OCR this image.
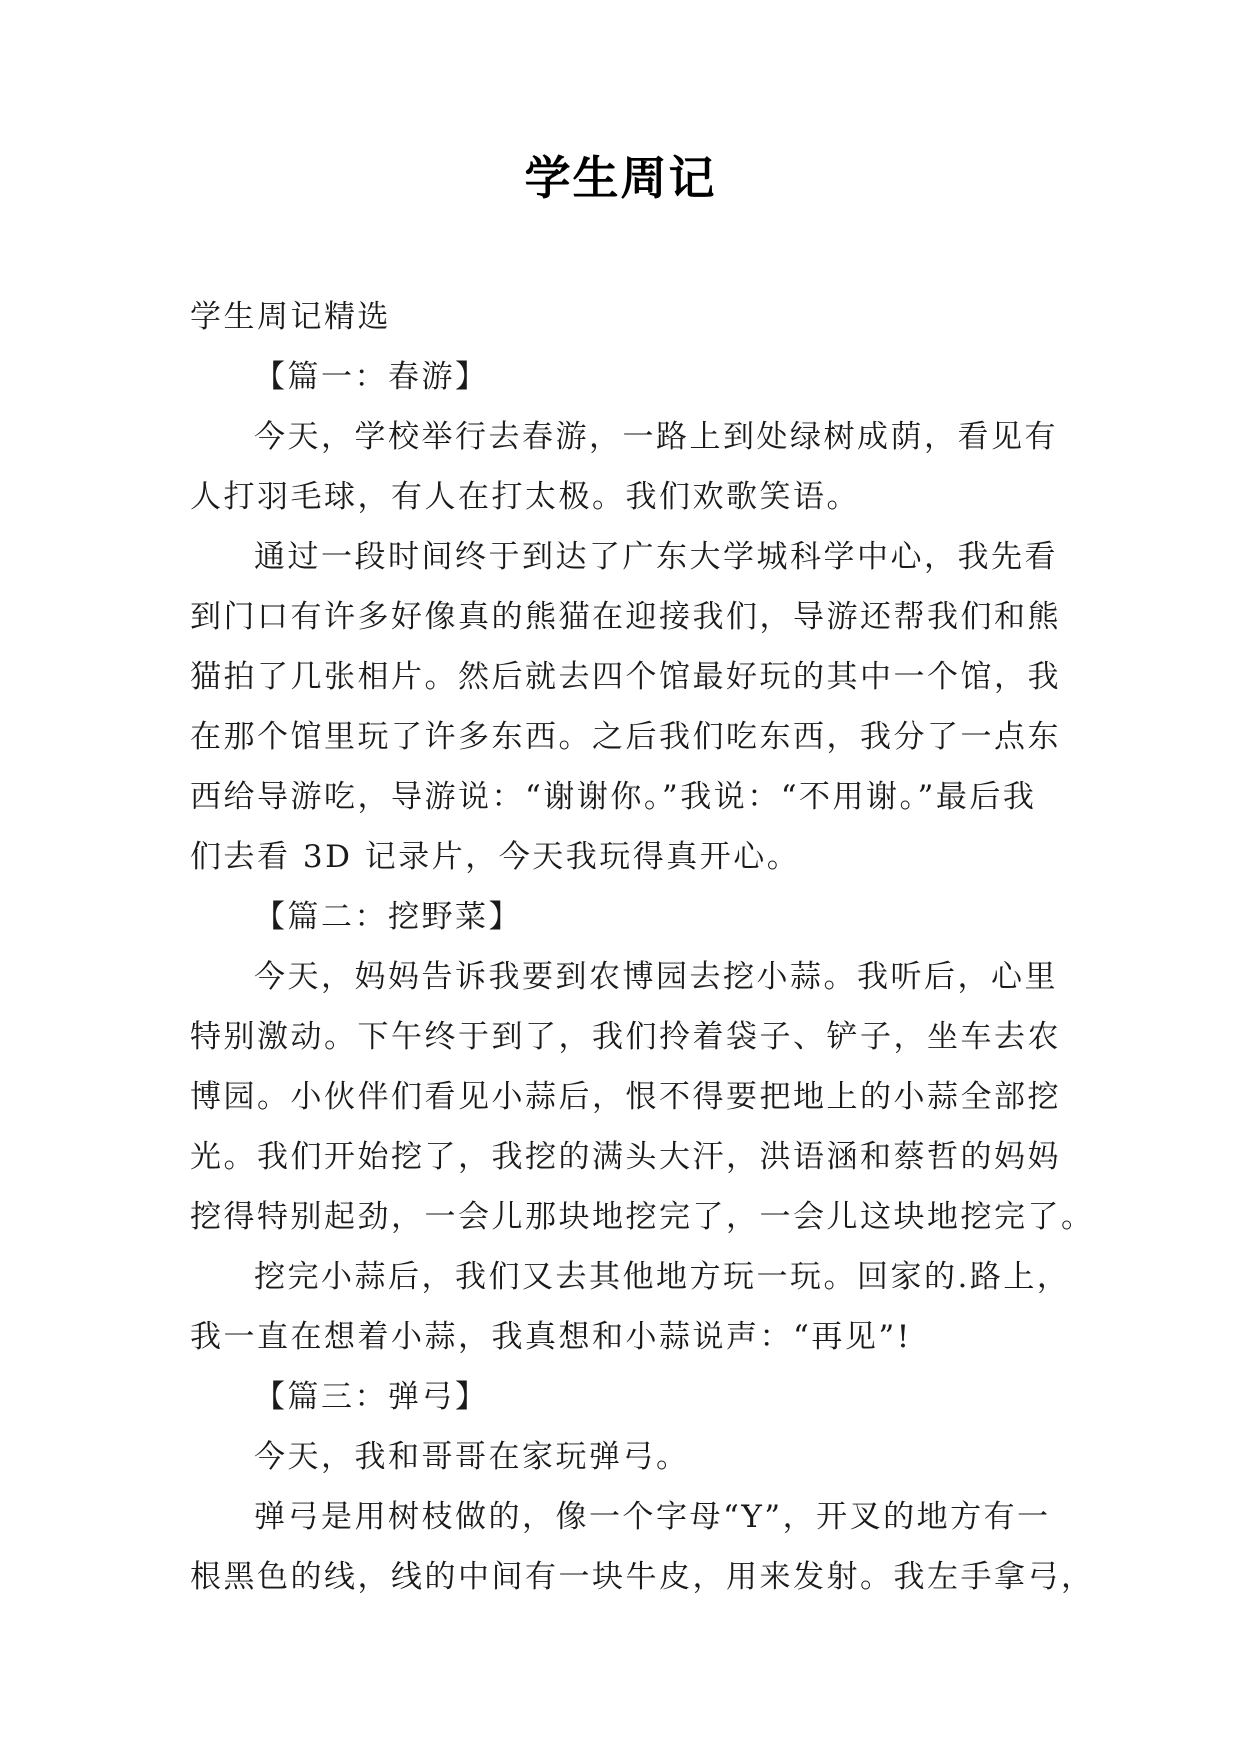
学生周记
学生周记精选
【篇一：春游】
今天，学校举行去春游，一路上到处绿树成荫，看见有
人打羽毛球，有人在打太极。我们欢歌笑语。
通过一段时间终于到达了广东大学城科学中心，我先看
到门口有许多好像真的熊猫在迎接我们，导游还帮我们和熊
猫拍了几张相片。然后就去四个馆最好玩的其中一个馆，我
在那个馆里玩了许多东西。之后我们吃东西，我分了一点东
西给导游吃，导游说：“谢谢你。”我说：“不用谢。”最后我
们去看 3D 记录片，今天我玩得真开心。
【篇二：挖野菜】
今天，妈妈告诉我要到农博园去挖小蒜。我听后，心里
特别激动。下午终于到了，我们拎着袋子、铲子，坐车去农
博园。小伙伴们看见小蒜后，恨不得要把地上的小蒜全部挖
光。我们开始挖了，我挖的满头大汗，洪语涵和蔡哲的妈妈
挖得特别起劲，一会儿那块地挖完了，一会儿这块地挖完了。
挖完小蒜后，我们又去其他地方玩一玩。回家的.路上，
我一直在想着小蒜，我真想和小蒜说声：“再见”!
【篇三：弹弓】
今天，我和哥哥在家玩弹弓。
弹弓是用树枝做的，像一个字母“Y”，开叉的地方有一
根黑色的线，线的中间有一块牛皮，用来发射。我左手拿弓，
